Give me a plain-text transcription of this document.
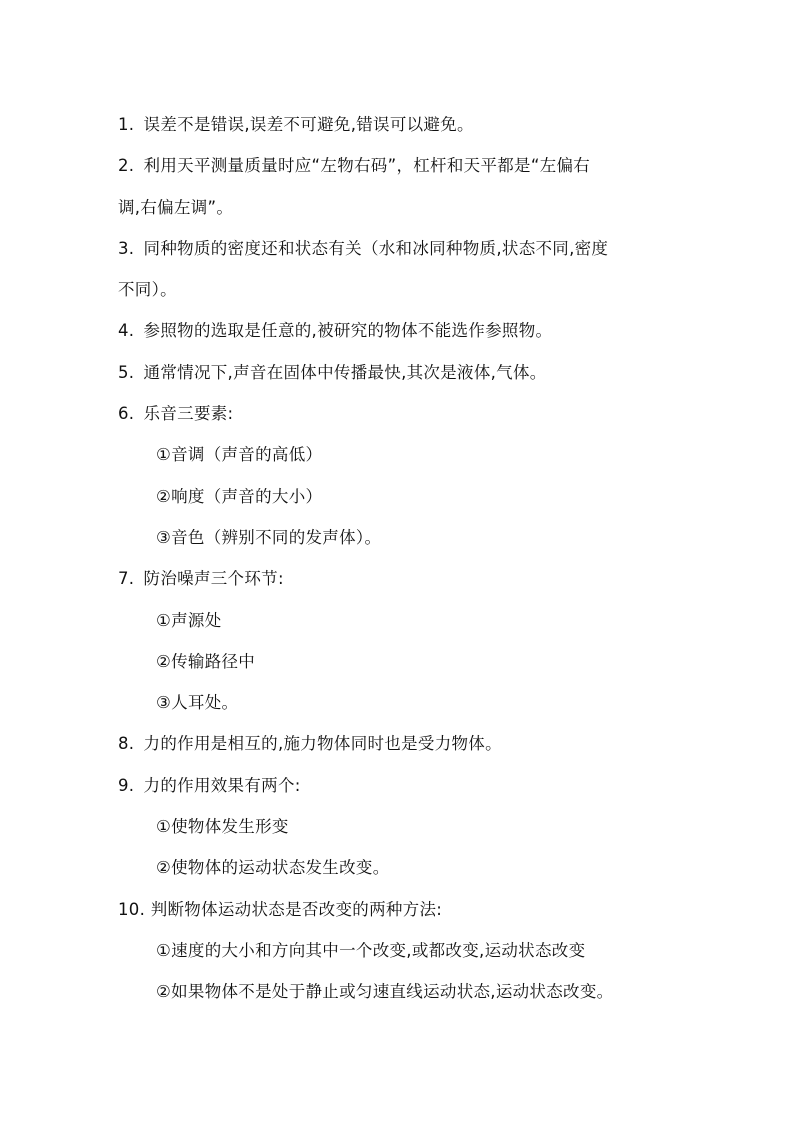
1. 误差不是错误,误差不可避免,错误可以避免。
2. 利用天平测量质量时应“左物右码”，杠杆和天平都是“左偏右
调,右偏左调”。
3. 同种物质的密度还和状态有关（水和冰同种物质,状态不同,密度
不同）。
4. 参照物的选取是任意的,被研究的物体不能选作参照物。
5. 通常情况下,声音在固体中传播最快,其次是液体,气体。
6. 乐音三要素:
①音调（声音的高低）
②响度（声音的大小）
③音色（辨别不同的发声体）。
7. 防治噪声三个环节:
①声源处
②传输路径中
③人耳处。
8. 力的作用是相互的,施力物体同时也是受力物体。
9. 力的作用效果有两个:
①使物体发生形变
②使物体的运动状态发生改变。
10. 判断物体运动状态是否改变的两种方法:
①速度的大小和方向其中一个改变,或都改变,运动状态改变
②如果物体不是处于静止或匀速直线运动状态,运动状态改变。
